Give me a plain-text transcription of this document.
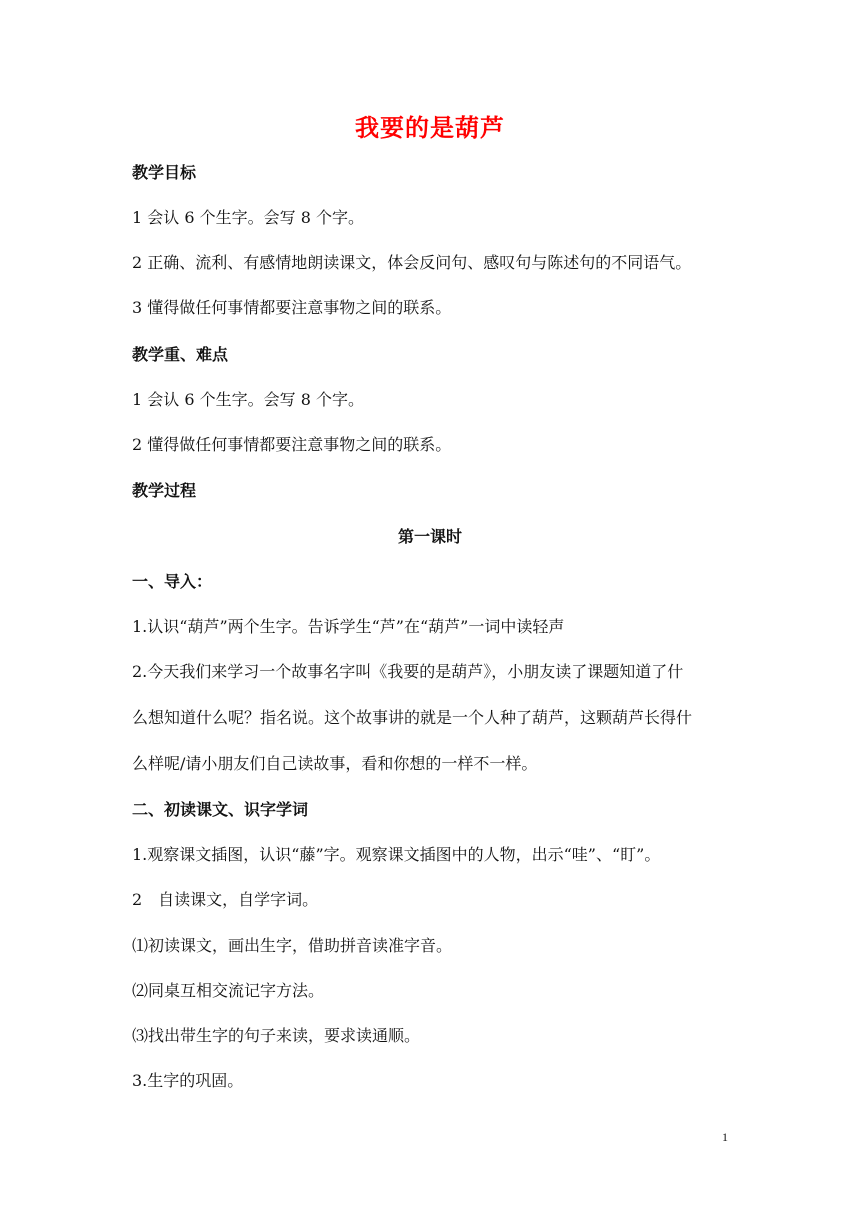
我要的是葫芦
教学目标
1 会认 6 个生字。会写 8 个字。
2 正确、流利、有感情地朗读课文，体会反问句、感叹句与陈述句的不同语气。
3 懂得做任何事情都要注意事物之间的联系。
教学重、难点
1 会认 6 个生字。会写 8 个字。
2 懂得做任何事情都要注意事物之间的联系。
教学过程
第一课时
一、导入：
1.认识“葫芦”两个生字。告诉学生“芦”在“葫芦”一词中读轻声
2.今天我们来学习一个故事名字叫《我要的是葫芦》，小朋友读了课题知道了什
么想知道什么呢？指名说。这个故事讲的就是一个人种了葫芦，这颗葫芦长得什
么样呢/请小朋友们自己读故事，看和你想的一样不一样。
二、初读课文、识字学词
1.观察课文插图，认识“藤”字。观察课文插图中的人物，出示“哇”、“盯”。
2　自读课文，自学字词。
⑴初读课文，画出生字，借助拼音读准字音。
⑵同桌互相交流记字方法。
⑶找出带生字的句子来读，要求读通顺。
3.生字的巩固。
1
